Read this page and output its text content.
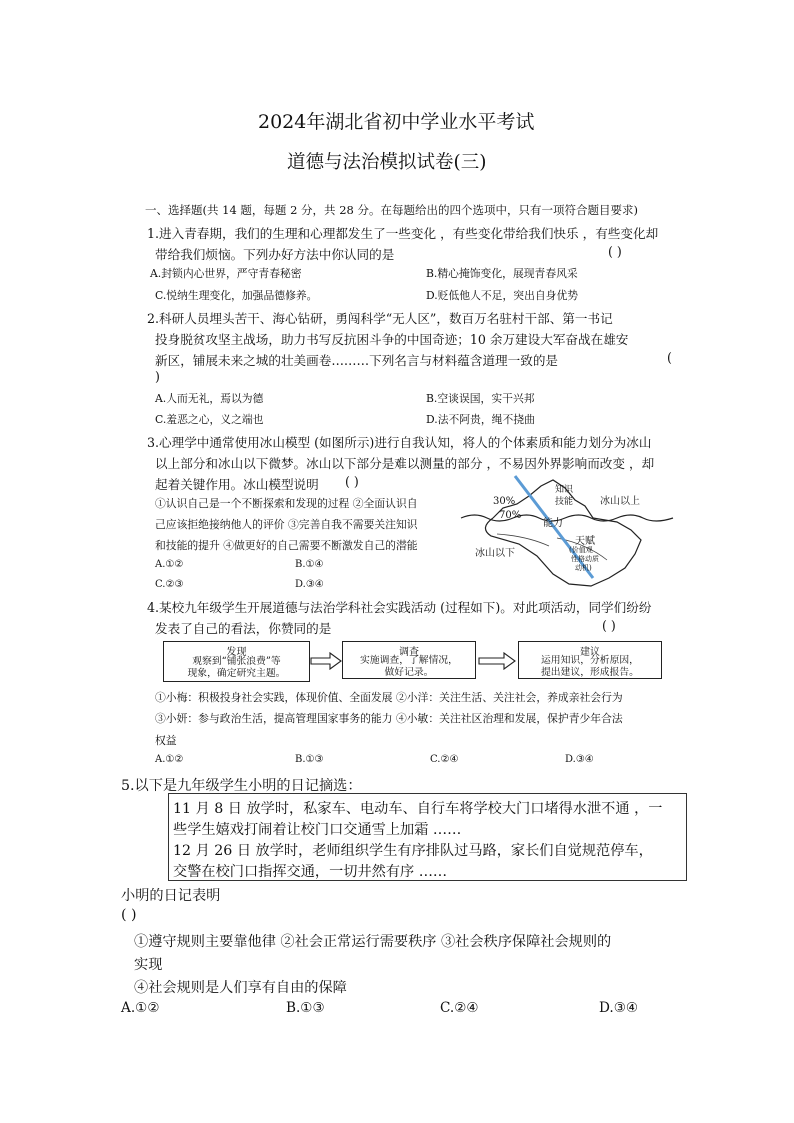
2024年湖北省初中学业水平考试
道德与法治模拟试卷(三)
一、选择题(共 14 题，每题 2 分，共 28 分。在每题给出的四个选项中，只有一项符合题目要求)
1.进入青春期，我们的生理和心理都发生了一些变化 ，有些变化带给我们快乐 ，有些变化却
带给我们烦恼。下列办好方法中你认同的是	( )
A.封锁内心世界，严守青春秘密	B.精心掩饰变化，展现青春风采
C.悦纳生理变化，加强品德修养。	D.贬低他人不足，突出自身优势
2.科研人员埋头苦干、海心钻研，勇闯科学“无人区”，数百万名驻村干部、第一书记
投身脱贫攻坚主战场，助力书写反抗困斗争的中国奇迹；10 余万建设大军奋战在雄安
新区，铺展未来之城的壮美画卷………下列名言与材料蕴含道理一致的是	(
)
A.人而无礼，焉以为德	B.空谈误国，实干兴邦
C.羞恶之心，义之端也	D.法不阿贵，绳不挠曲
3.心理学中通常使用冰山模型 (如图所示)进行自我认知，将人的个体素质和能力划分为冰山
以上部分和冰山以下微梦。冰山以下部分是难以测量的部分 ，不易因外界影响而改变 ，却
起着关键作用。冰山模型说明 ( )
①认识自己是一个不断探索和发现的过程 ②全面认识自
己应该拒绝接纳他人的评价 ③完善自我不需要关注知识
和技能的提升 ④做更好的自己需要不断激发自己的潜能
A.①②	B.①④
C.②③	D.③④
知识
技能
30%
70%
冰山以上
能力
天赋
(价值观
性格动质
动机)
冰山以下
4.某校九年级学生开展道德与法治学科社会实践活动 (过程如下)。对此项活动，同学们纷纷
发表了自己的看法，你赞同的是	( )
发现
观察到“铺张浪费”等
现象，确定研究主题。
调查
实施调查，了解情况，
做好记录。
建议
运用知识，分析原因，
提出建议，形成报告。
①小梅：积极投身社会实践，体现价值、全面发展 ②小洋：关注生活、关注社会，养成亲社会行为
③小妍：参与政治生活，提高管理国家事务的能力 ④小敏：关注社区治理和发展，保护青少年合法
权益
A.①②	B.①③	C.②④	D.③④
5.以下是九年级学生小明的日记摘选：
11 月 8 日 放学时，私家车、电动车、自行车将学校大门口堵得水泄不通 ，一
些学生嬉戏打闹着让校门口交通雪上加霜 ……
12 月 26 日 放学时，老师组织学生有序排队过马路，家长们自觉规范停车，
交警在校门口指挥交通，一切井然有序 ……
小明的日记表明
( )
①遵守规则主要靠他律 ②社会正常运行需要秩序 ③社会秩序保障社会规则的
实现
④社会规则是人们享有自由的保障
A.①②	B.①③	C.②④	D.③④
